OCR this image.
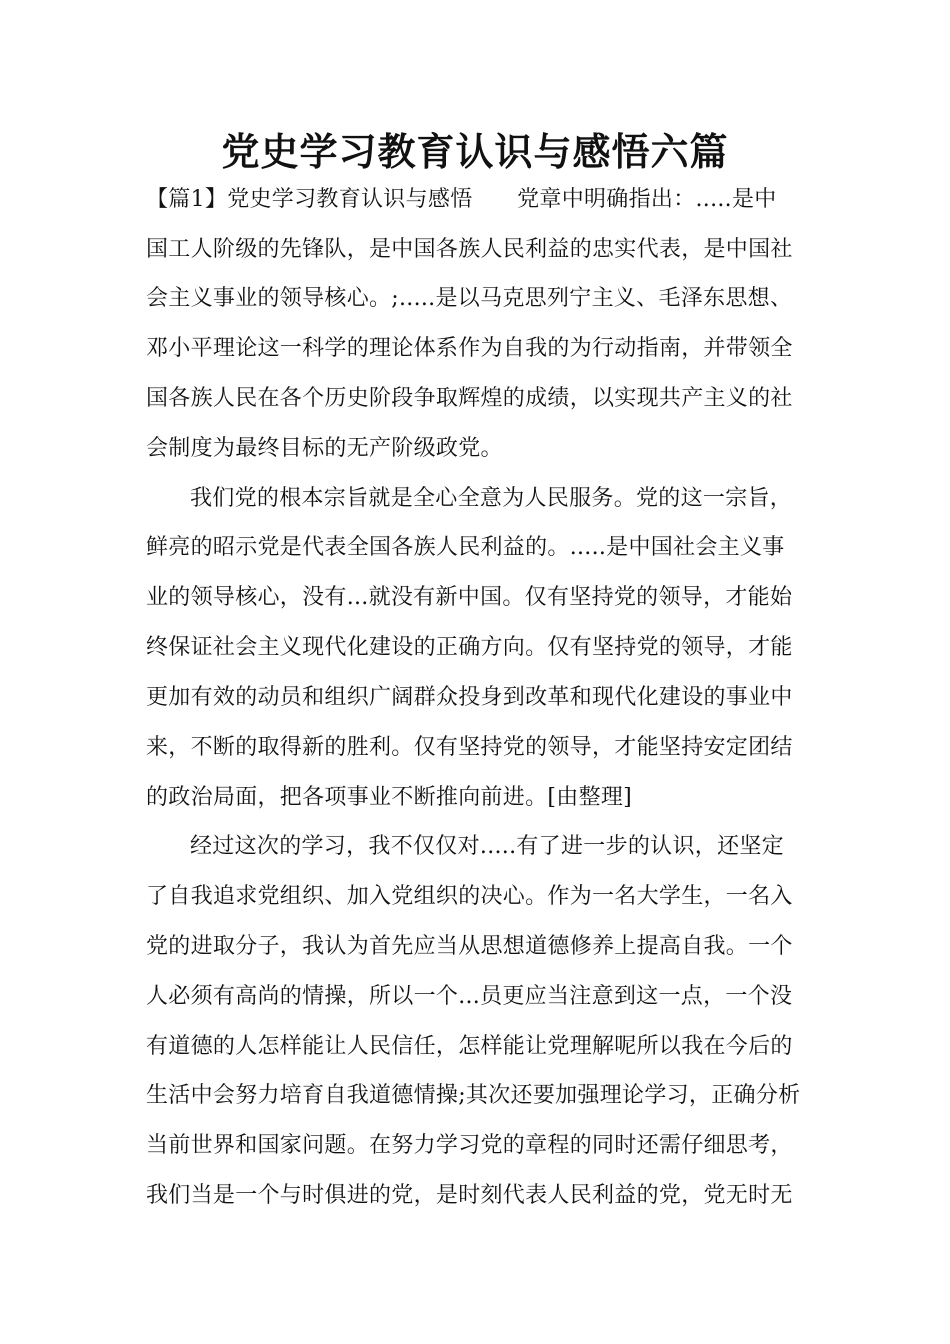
党史学习教育认识与感悟六篇
【篇1】党史学习教育认识与感悟　　党章中明确指出：.....是中
国工人阶级的先锋队，是中国各族人民利益的忠实代表，是中国社
会主义事业的领导核心。;.....是以马克思列宁主义、毛泽东思想、
邓小平理论这一科学的理论体系作为自我的为行动指南，并带领全
国各族人民在各个历史阶段争取辉煌的成绩，以实现共产主义的社
会制度为最终目标的无产阶级政党。
我们党的根本宗旨就是全心全意为人民服务。党的这一宗旨，
鲜亮的昭示党是代表全国各族人民利益的。.....是中国社会主义事
业的领导核心，没有...就没有新中国。仅有坚持党的领导，才能始
终保证社会主义现代化建设的正确方向。仅有坚持党的领导，才能
更加有效的动员和组织广阔群众投身到改革和现代化建设的事业中
来，不断的取得新的胜利。仅有坚持党的领导，才能坚持安定团结
的政治局面，把各项事业不断推向前进。[由整理]
经过这次的学习，我不仅仅对.....有了进一步的认识，还坚定
了自我追求党组织、加入党组织的决心。作为一名大学生，一名入
党的进取分子，我认为首先应当从思想道德修养上提高自我。一个
人必须有高尚的情操，所以一个...员更应当注意到这一点，一个没
有道德的人怎样能让人民信任，怎样能让党理解呢所以我在今后的
生活中会努力培育自我道德情操;其次还要加强理论学习，正确分析
当前世界和国家问题。在努力学习党的章程的同时还需仔细思考，
我们当是一个与时俱进的党，是时刻代表人民利益的党，党无时无
